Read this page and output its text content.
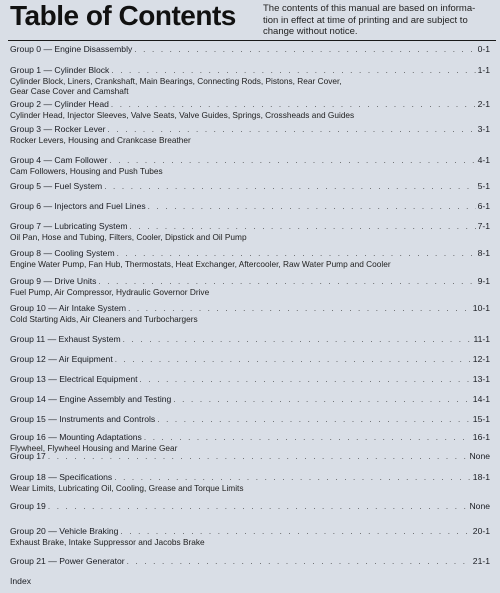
Table of Contents	The contents of this manual are based on informa-
tion in effect at time of printing and are subject to
change without notice.
Group 0 — Engine Disassembly . . .	0-1
Group 1 — Cylinder Block . . .	1-1
Cylinder Block, Liners, Crankshaft, Main Bearings, Connecting Rods, Pistons, Rear Cover,
Gear Case Cover and Camshaft
Group 2 — Cylinder Head . . .	2-1
Cylinder Head, Injector Sleeves, Valve Seats, Valve Guides, Springs, Crossheads and Guides
Group 3 — Rocker Lever . . .	3-1
Rocker Levers, Housing and Crankcase Breather
Group 4 — Cam Follower . . .	4-1
Cam Followers, Housing and Push Tubes
Group 5 — Fuel System . . .	5-1
Group 6 — Injectors and Fuel Lines . . .	6-1
Group 7 — Lubricating System . . .	7-1
Oil Pan, Hose and Tubing, Filters, Cooler, Dipstick and Oil Pump
Group 8 — Cooling System . . .	8-1
Engine Water Pump, Fan Hub, Thermostats, Heat Exchanger, Aftercooler, Raw Water Pump and Cooler
Group 9 — Drive Units . . .	9-1
Fuel Pump, Air Compressor, Hydraulic Governor Drive
Group 10 — Air Intake System . . .	10-1
Cold Starting Aids, Air Cleaners and Turbochargers
Group 11 — Exhaust System . . .	11-1
Group 12 — Air Equipment . . .	12-1
Group 13 — Electrical Equipment . . .	13-1
Group 14 — Engine Assembly and Testing . . .	14-1
Group 15 — Instruments and Controls . . .	15-1
Group 16 — Mounting Adaptations . . .	16-1
Flywheel, Flywheel Housing and Marine Gear
Group 17 . . .	None
Group 18 — Specifications . . .	18-1
Wear Limits, Lubricating Oil, Cooling, Grease and Torque Limits
Group 19 . . .	None
Group 20 — Vehicle Braking . . .	20-1
Exhaust Brake, Intake Suppressor and Jacobs Brake
Group 21 — Power Generator . . .	21-1
Index
